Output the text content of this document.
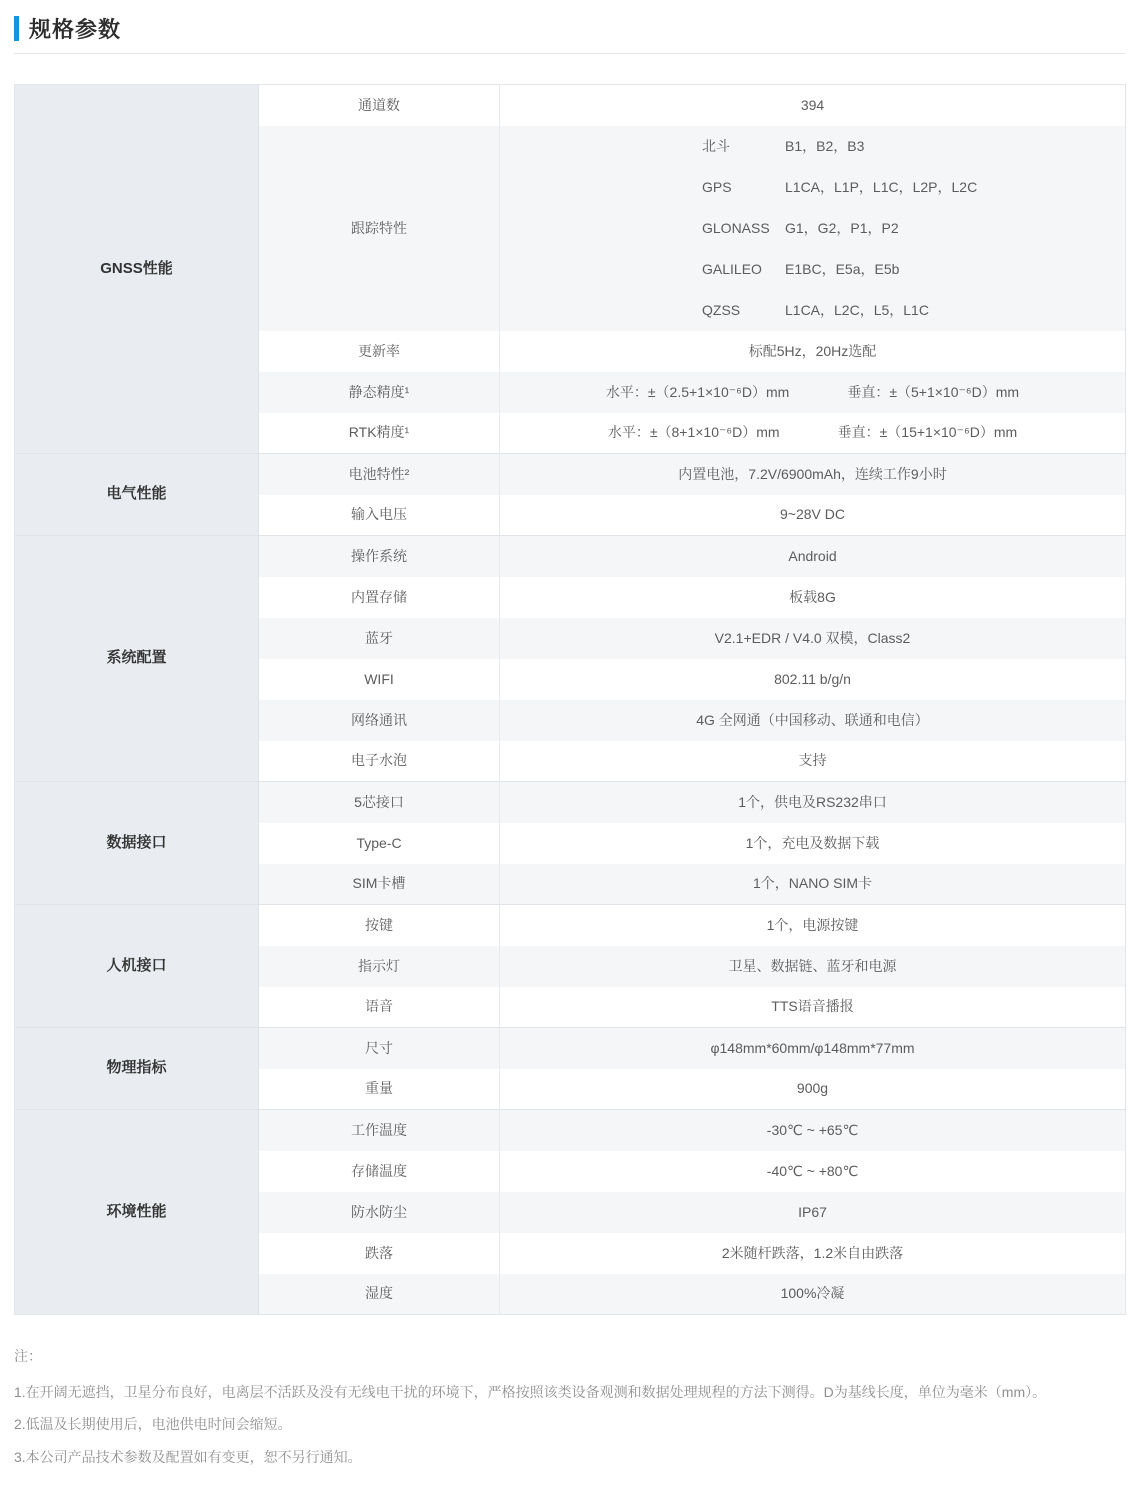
规格参数
GNSS性能	通道数	394
跟踪特性	
北斗	B1，B2，B3
GPS	L1CA，L1P，L1C，L2P，L2C
GLONASS	G1，G2，P1，P2
GALILEO	E1BC，E5a，E5b
QZSS	L1CA，L2C，L5，L1C

	更新率	标配5Hz，20Hz选配
	静态精度¹	水平：±（2.5+1×10⁻⁶D）mm 垂直：±（5+1×10⁻⁶D）mm

	RTK精度¹	水平：±（8+1×10⁻⁶D）mm 垂直：±（15+1×10⁻⁶D）mm

电气性能	电池特性²	内置电池，7.2V/6900mAh，连续工作9小时
	输入电压	9~28V DC
系统配置	操作系统	Android
	内置存储	板载8G
	蓝牙	V2.1+EDR / V4.0 双模，Class2
	WIFI	802.11 b/g/n
	网络通讯	4G 全网通（中国移动、联通和电信）
	电子水泡	支持
数据接口	5芯接口	1个，供电及RS232串口
	Type-C	1个，充电及数据下载
	SIM卡槽	1个，NANO SIM卡
人机接口	按键	1个，电源按键
	指示灯	卫星、数据链、蓝牙和电源
	语音	TTS语音播报
物理指标	尺寸	φ148mm*60mm/φ148mm*77mm
	重量	900g
环境性能	工作温度	-30℃ ~ +65℃
	存储温度	-40℃ ~ +80℃
	防水防尘	IP67
	跌落	2米随杆跌落，1.2米自由跌落
	湿度	100%冷凝

注：

1.在开阔无遮挡，卫星分布良好，电离层不活跃及没有无线电干扰的环境下，严格按照该类设备观测和数据处理规程的方法下测得。D为基线长度，单位为毫米（mm）。

2.低温及长期使用后，电池供电时间会缩短。

3.本公司产品技术参数及配置如有变更，恕不另行通知。
